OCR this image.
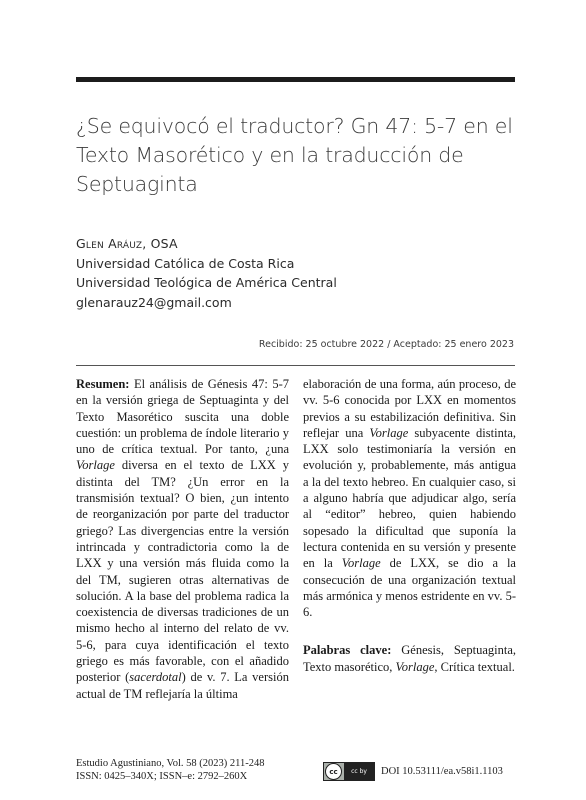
¿Se equivocó el traductor? Gn 47: 5-7 en el Texto Masorético y en la traducción de Septuaginta
Glen Aráuz, OSA
Universidad Católica de Costa Rica
Universidad Teológica de América Central
glenarauz24@gmail.com
Recibido: 25 octubre 2022 / Aceptado: 25 enero 2023
Resumen: El análisis de Génesis 47: 5-7 en la versión griega de Septuaginta y del Texto Masorético suscita una doble cuestión: un problema de índole literario y uno de crítica textual. Por tanto, ¿una Vorlage diversa en el texto de LXX y distinta del TM? ¿Un error en la transmisión textual? O bien, ¿un intento de reorganización por parte del traductor griego? Las divergencias entre la versión intrincada y contradictoria como la de LXX y una versión más fluida como la del TM, sugieren otras alternativas de solución. A la base del problema radica la coexistencia de diversas tradiciones de un mismo hecho al interno del relato de vv. 5-6, para cuya identificación el texto griego es más favorable, con el añadido posterior (sacerdotal) de v. 7. La versión actual de TM reflejaría la última
elaboración de una forma, aún proceso, de vv. 5-6 conocida por LXX en momentos previos a su estabilización definitiva. Sin reflejar una Vorlage subyacente distinta, LXX solo testimoniaría la versión en evolución y, probablemente, más antigua a la del texto hebreo. En cualquier caso, si a alguno habría que adjudicar algo, sería al “editor” hebreo, quien habiendo sopesado la dificultad que suponía la lectura contenida en su versión y presente en la Vorlage de LXX, se dio a la consecución de una organización textual más armónica y menos estridente en vv. 5-6.
Palabras clave: Génesis, Septuaginta, Texto masorético, Vorlage, Crítica textual.
Estudio Agustiniano, Vol. 58 (2023) 211-248
ISSN: 0425–340X; ISSN–e: 2792–260X	cc	cc by	DOI 10.53111/ea.v58i1.1103
